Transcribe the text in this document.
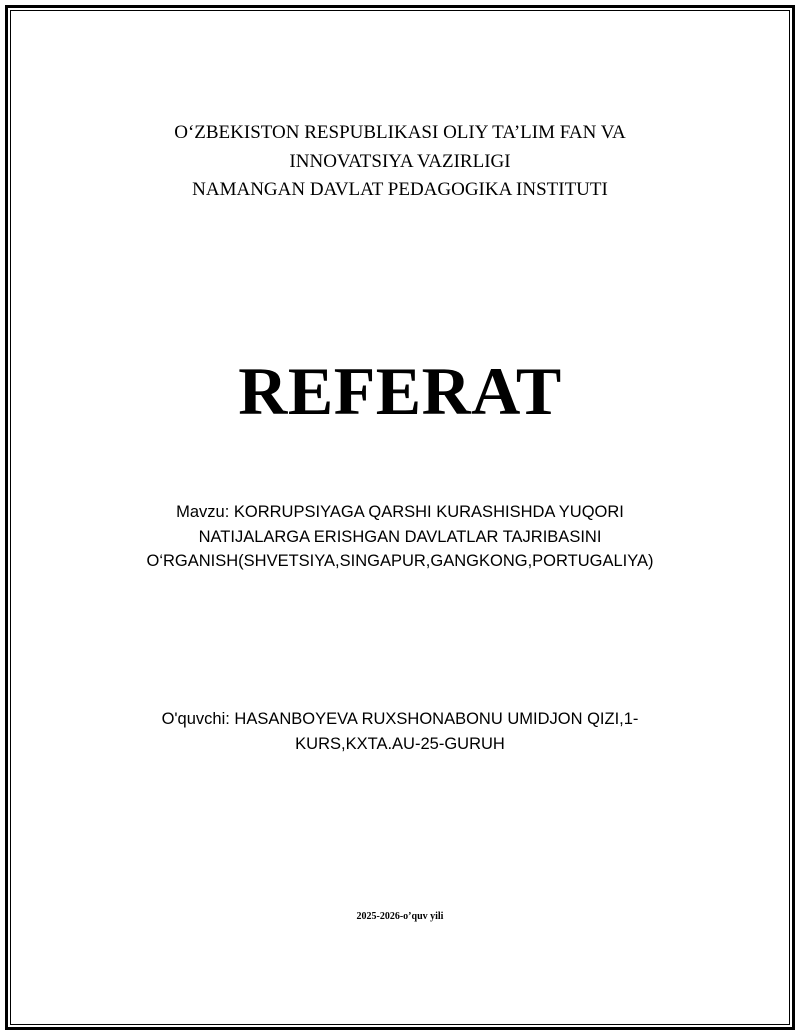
O‘ZBEKISTON RESPUBLIKASI OLIY TA’LIM FAN VA
INNOVATSIYA VAZIRLIGI
NAMANGAN DAVLAT PEDAGOGIKA INSTITUTI
REFERAT
Mavzu: KORRUPSIYAGA QARSHI KURASHISHDA YUQORI
NATIJALARGA ERISHGAN DAVLATLAR TAJRIBASINI
O‘RGANISH(SHVETSIYA,SINGAPUR,GANGKONG,PORTUGALIYA)
O'quvchi: HASANBOYEVA RUXSHONABONU UMIDJON QIZI,1-
KURS,KXTA.AU-25-GURUH
2025-2026-o’quv yili
